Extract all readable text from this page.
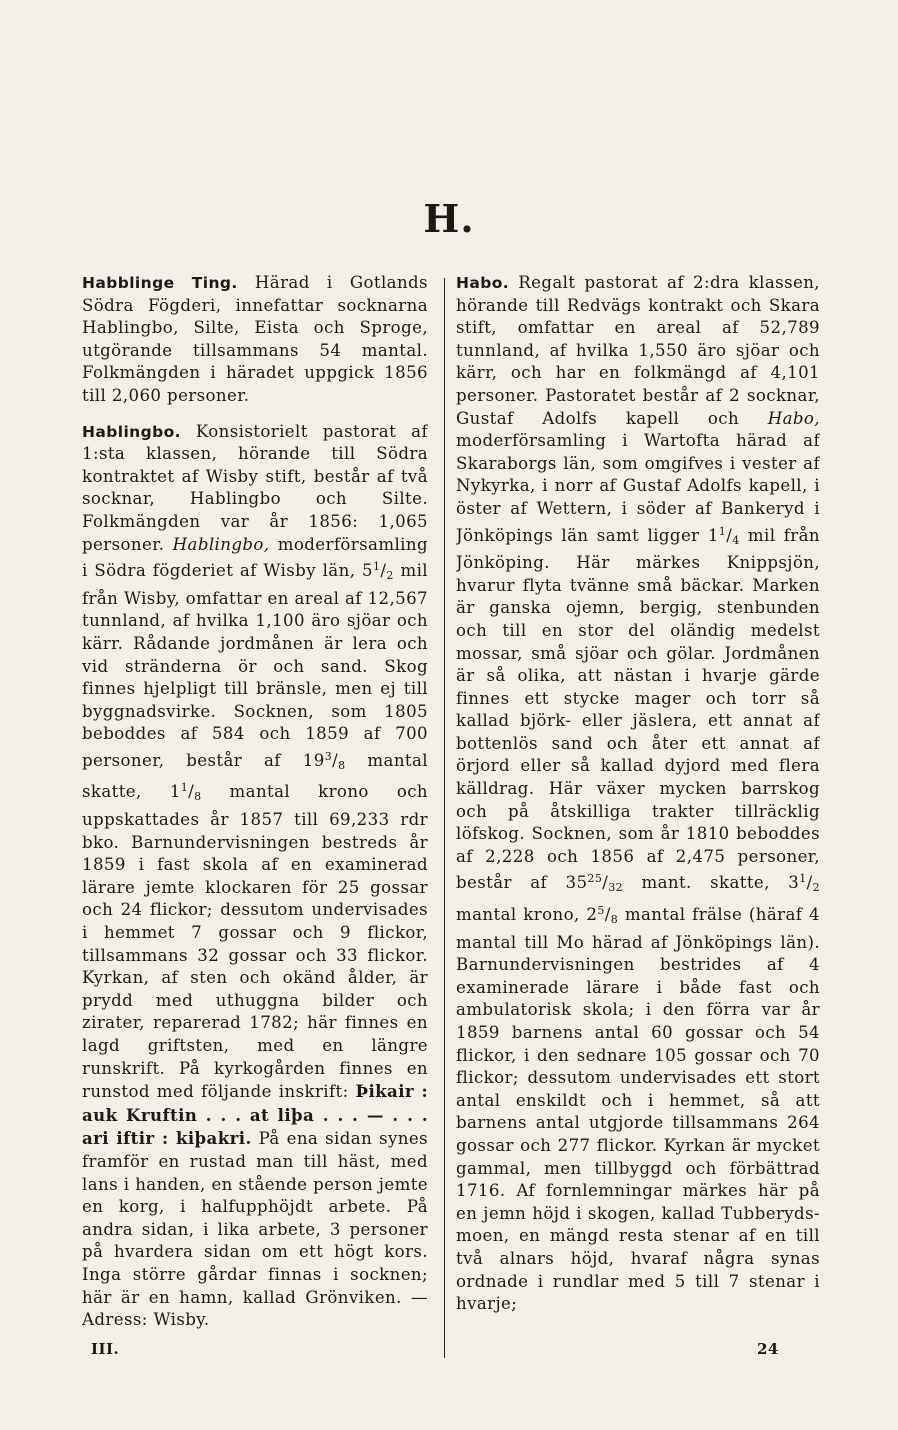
H.

Habblinge Ting. Härad i Gotlands Södra Fögderi, innefattar socknarna Hablingbo, Silte, Eista och Sproge, utgörande tillsammans 54 mantal. Folkmängden i häradet uppgick 1856 till 2,060 personer.

Hablingbo. Konsistorielt pastorat af 1:sta klassen, hörande till Södra kontraktet af Wisby stift, består af två socknar, Hablingbo och Silte. Folkmängden var år 1856: 1,065 personer. Hablingbo, moderförsamling i Södra fögderiet af Wisby län, $5^1/_2$ mil från Wisby, omfattar en areal af 12,567 tunnland, af hvilka 1,100 äro sjöar och kärr. Rådande jordmånen är lera och vid stränderna ör och sand. Skog finnes hjelpligt till bränsle, men ej till byggnadsvirke. Socknen, som 1805 beboddes af 584 och 1859 af 700 personer, består af $19^3/_8$ mantal skatte, $1^1/_8$ mantal krono och uppskattades år 1857 till 69,233 rdr bko. Barnundervisningen bestreds år 1859 i fast skola af en examinerad lärare jemte klockaren för 25 gossar och 24 flickor; dessutom undervisades i hemmet 7 gossar och 9 flickor, tillsammans 32 gossar och 33 flickor. Kyrkan, af sten och okänd ålder, är prydd med uthuggna bilder och zirater, reparerad 1782; här finnes en lagd griftsten, med en längre runskrift. På kyrkogården finnes en runstod med följande inskrift: Þikair : auk Kruftin . . . at liþa . . . — . . . ari iftir : kiþakri. På ena sidan synes framför en rustad man till häst, med lans i handen, en stående person jemte en korg, i halfupphöjdt arbete. På andra sidan, i lika arbete, 3 personer på hvardera sidan om ett högt kors. Inga större gårdar finnas i socknen; här är en hamn, kallad Grönviken. — Adress: Wisby.

Habo. Regalt pastorat af 2:dra klassen, hörande till Redvägs kontrakt och Skara stift, omfattar en areal af 52,789 tunnland, af hvilka 1,550 äro sjöar och kärr, och har en folkmängd af 4,101 personer. Pastoratet består af 2 socknar, Gustaf Adolfs kapell och Habo, moderförsamling i Wartofta härad af Skaraborgs län, som omgifves i vester af Nykyrka, i norr af Gustaf Adolfs kapell, i öster af Wettern, i söder af Bankeryd i Jönköpings län samt ligger $1^1/_4$ mil från Jönköping. Här märkes Knippsjön, hvarur flyta tvänne små bäckar. Marken är ganska ojemn, bergig, stenbunden och till en stor del oländig medelst mossar, små sjöar och gölar. Jordmånen är så olika, att nästan i hvarje gärde finnes ett stycke mager och torr så kallad björk- eller jäslera, ett annat af bottenlös sand och åter ett annat af örjord eller så kallad dyjord med flera källdrag. Här växer mycken barrskog och på åtskilliga trakter tillräcklig löfskog. Socknen, som år 1810 beboddes af 2,228 och 1856 af 2,475 personer, består af $35^{25}/_{32}$ mant. skatte, $3^1/_2$ mantal krono, $2^5/_8$ mantal frälse (häraf 4 mantal till Mo härad af Jönköpings län). Barnundervisningen bestrides af 4 examinerade lärare i både fast och ambulatorisk skola; i den förra var år 1859 barnens antal 60 gossar och 54 flickor, i den sednare 105 gossar och 70 flickor; dessutom undervisades ett stort antal enskildt och i hemmet, så att barnens antal utgjorde tillsammans 264 gossar och 277 flickor. Kyrkan är mycket gammal, men tillbyggd och förbättrad 1716. Af fornlemningar märkes här på en jemn höjd i skogen, kallad Tubberyds-moen, en mängd resta stenar af en till två alnars höjd, hvaraf några synas ordnade i rundlar med 5 till 7 stenar i hvarje;

III.	24
